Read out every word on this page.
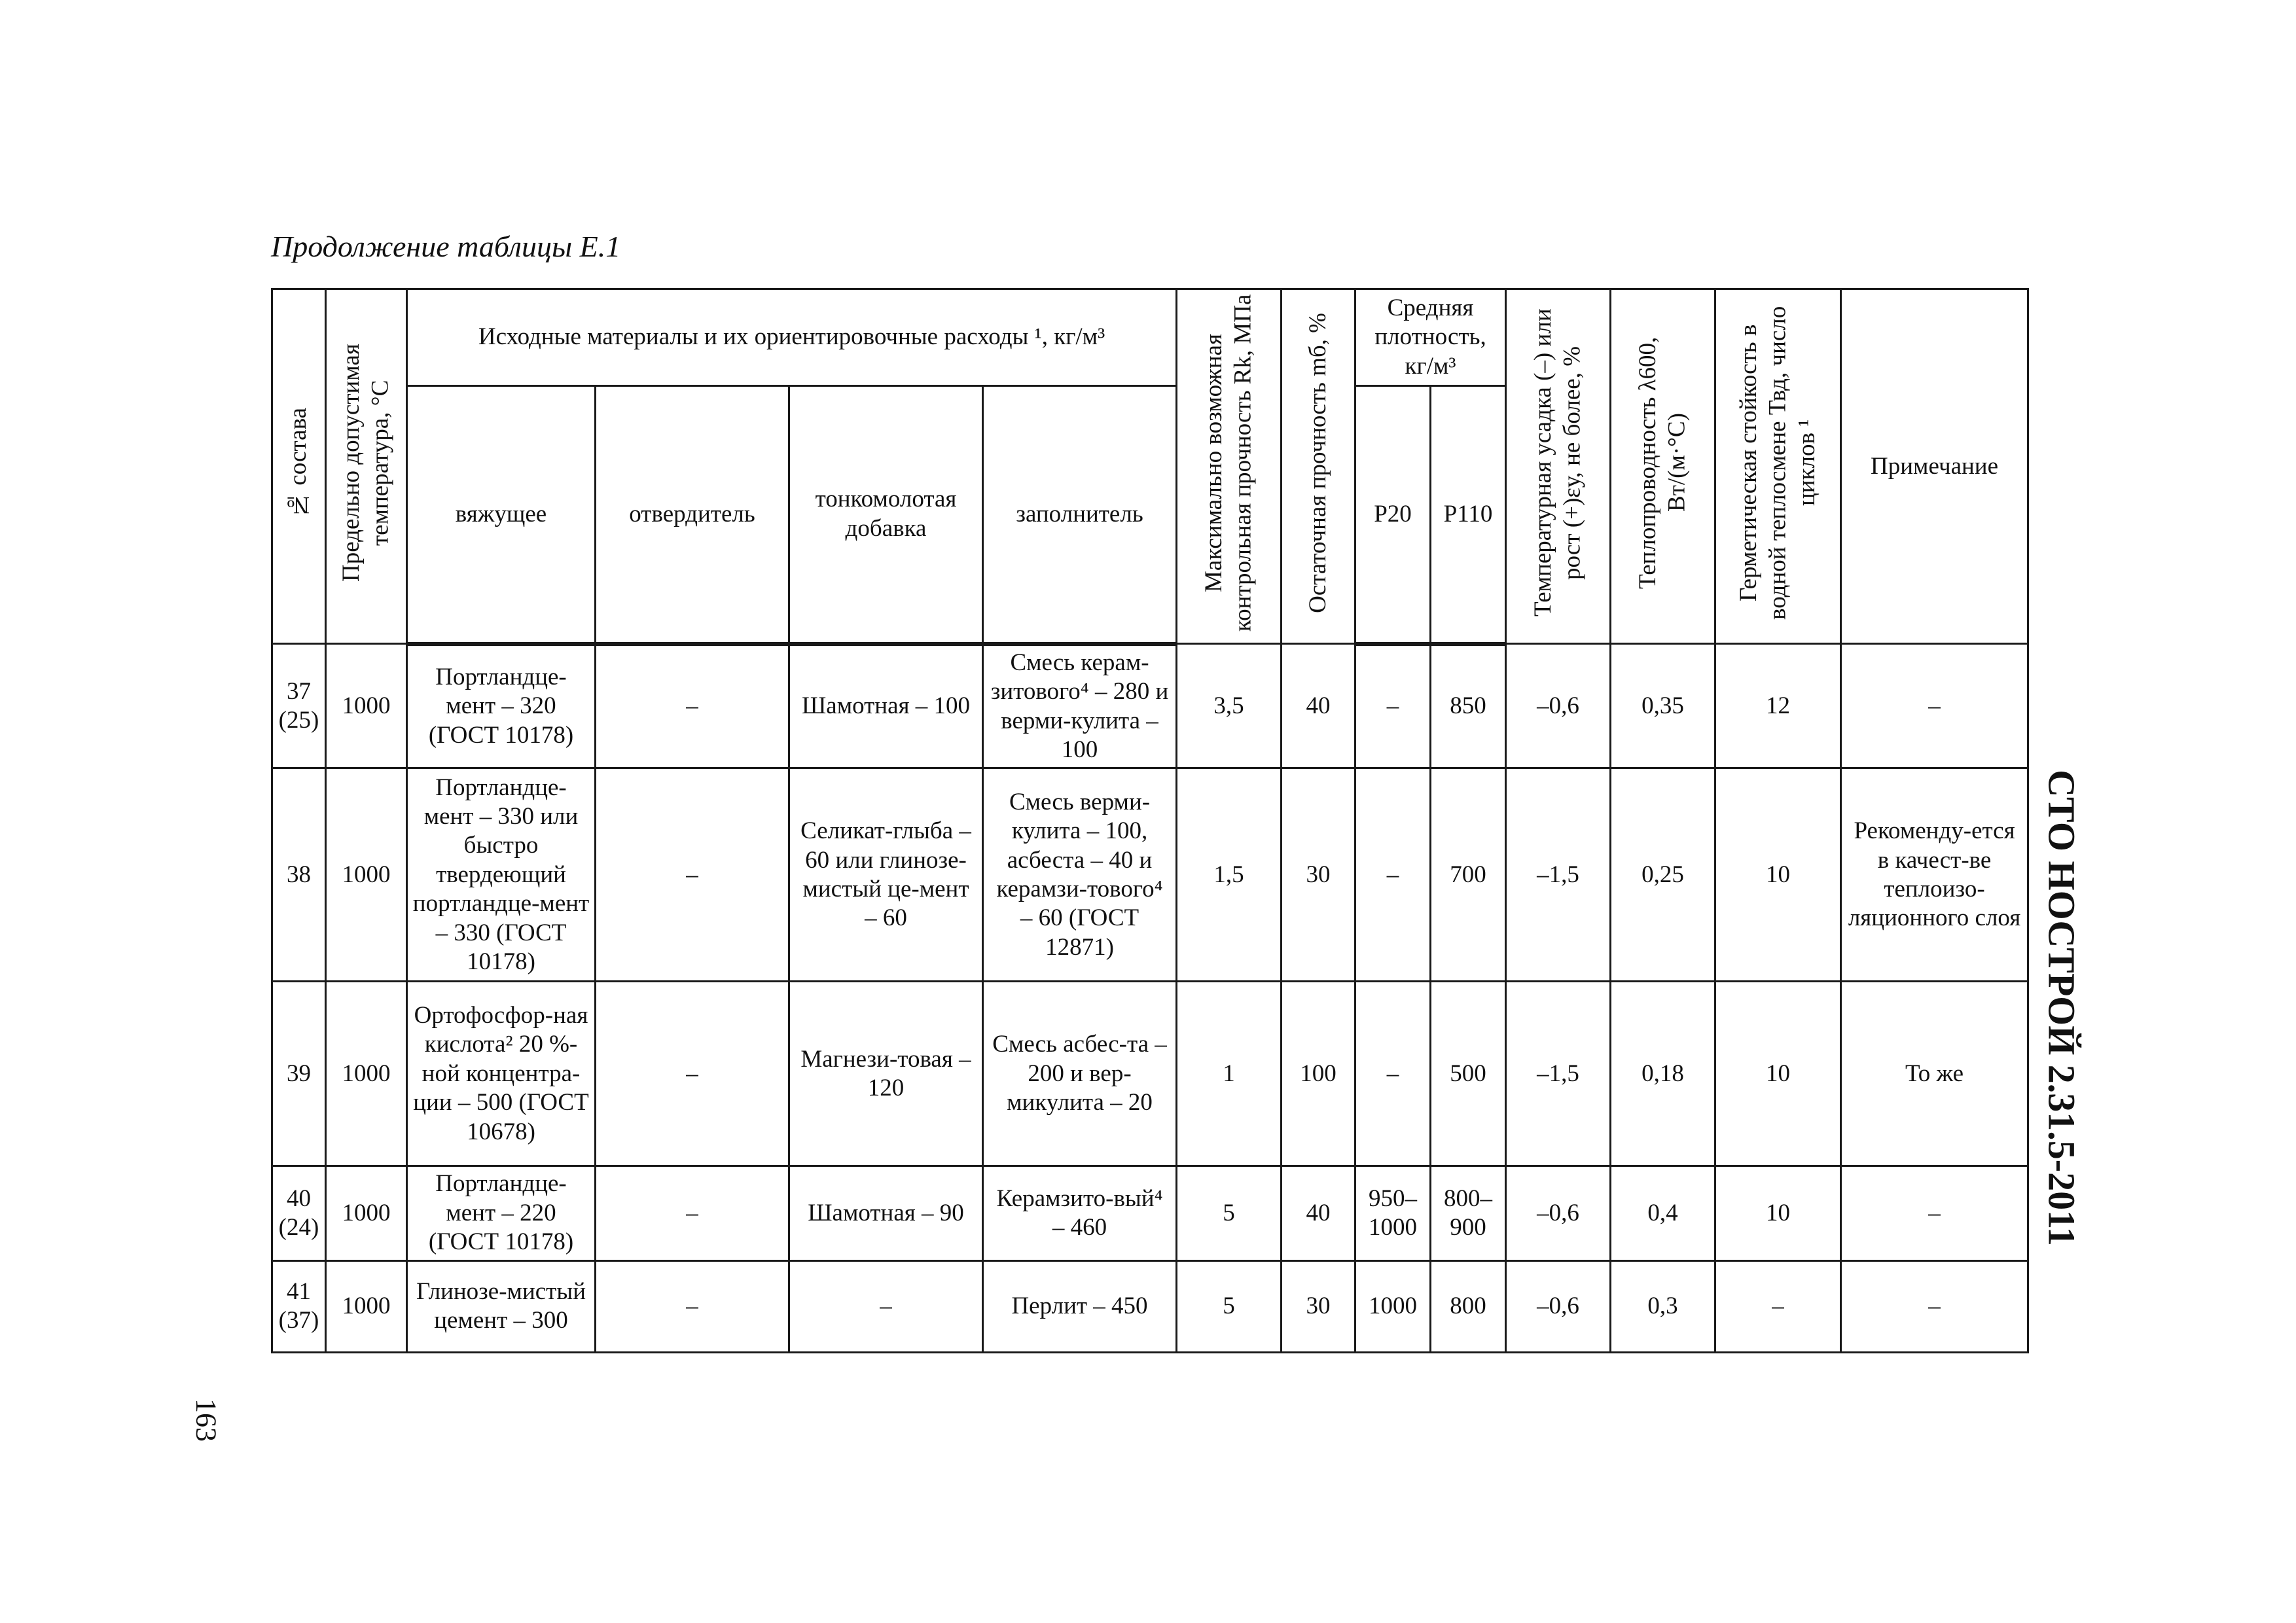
Продолжение таблицы Е.1
№ состава	Предельно допустимая температура, °С	Исходные материалы и их ориентировочные расходы ¹, кг/м³				Максимально возможная контрольная прочность Rk, МПа	Остаточная прочность mб, %	Средняя плотность, кг/м³		Температурная усадка (–) или рост (+)εу, не более, %	Теплопроводность λ600, Вт/(м·°С)	Герметическая стойкость в водной теплосмене Твд, число циклов ¹	Примечание
		вяжущее	отвердитель	тонкомолотая добавка	заполнитель			P20	P110				
37 (25)	1000	Портландце-мент – 320 (ГОСТ 10178)	–	Шамотная – 100	Смесь керам-зитового⁴ – 280 и верми-кулита – 100	3,5	40	–	850	–0,6	0,35	12	–
38	1000	Портландце-мент – 330 или быстро твердеющий портландце-мент – 330 (ГОСТ 10178)	–	Селикат-глыба – 60 или глинозе-мистый це-мент – 60	Смесь верми-кулита – 100, асбеста – 40 и керамзи-тового⁴ – 60 (ГОСТ 12871)	1,5	30	–	700	–1,5	0,25	10	Рекоменду-ется в качест-ве теплоизо-ляционного слоя
39	1000	Ортофосфор-ная кислота² 20 %-ной концентра-ции – 500 (ГОСТ 10678)	–	Магнези-товая – 120	Смесь асбес-та – 200 и вер-микулита – 20	1	100	–	500	–1,5	0,18	10	То же
40 (24)	1000	Портландце-мент – 220 (ГОСТ 10178)	–	Шамотная – 90	Керамзито-вый⁴ – 460	5	40	950– 1000	800– 900	–0,6	0,4	10	–
41 (37)	1000	Глинозе-мистый цемент – 300	–	–	Перлит – 450	5	30	1000	800	–0,6	0,3	–	–
СТО НОСТРОЙ 2.31.5-2011
163
